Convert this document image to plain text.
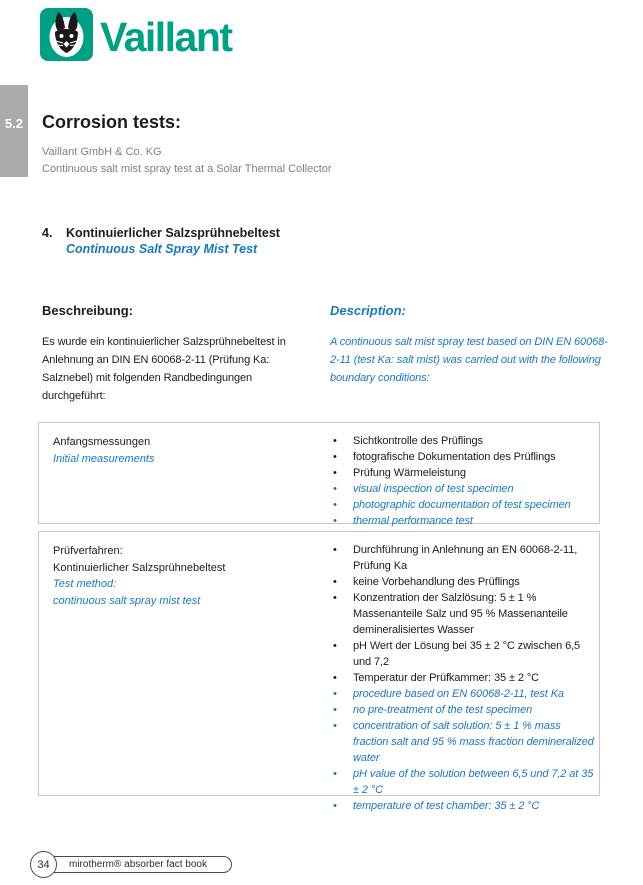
Vaillant
5.2 Corrosion tests:
Vaillant GmbH & Co. KG
Continuous salt mist spray test at a Solar Thermal Collector
4.	Kontinuierlicher Salzsprühnebeltest
Continuous Salt Spray Mist Test
Beschreibung:

Es wurde ein kontinuierlicher Salzsprühnebeltest in Anlehnung an DIN EN 60068-2-11 (Prüfung Ka: Salznebel) mit folgenden Randbedingungen durchgeführt:

Description:

A continuous salt mist spray test based on DIN EN 60068-2-11 (test Ka: salt mist) was carried out with the following boundary conditions:

Anfangsmessungen
Initial measurements
•	Sichtkontrolle des Prüflings
•	fotografische Dokumentation des Prüflings
•	Prüfung Wärmeleistung
•	visual inspection of test specimen
•	photographic documentation of test specimen
•	thermal performance test
Prüfverfahren:
Kontinuierlicher Salzsprühnebeltest
Test method:
continuous salt spray mist test
•	Durchführung in Anlehnung an EN 60068-2-11, Prüfung Ka
•	keine Vorbehandlung des Prüflings
•	Konzentration der Salzlösung: 5 ± 1 % Massenanteile Salz und 95 % Massenanteile demineralisiertes Wasser
•	pH Wert der Lösung bei 35 ± 2 °C zwischen 6,5 und 7,2
•	Temperatur der Prüfkammer: 35 ± 2 °C
•	procedure based on EN 60068-2-11, test Ka
•	no pre-treatment of the test specimen
•	concentration of salt solution: 5 ± 1 % mass fraction salt and 95 % mass fraction demineralized water
•	pH value of the solution between 6,5 und 7,2 at 35 ± 2 °C
•	temperature of test chamber: 35 ± 2 °C
mirotherm® absorber fact book
34
